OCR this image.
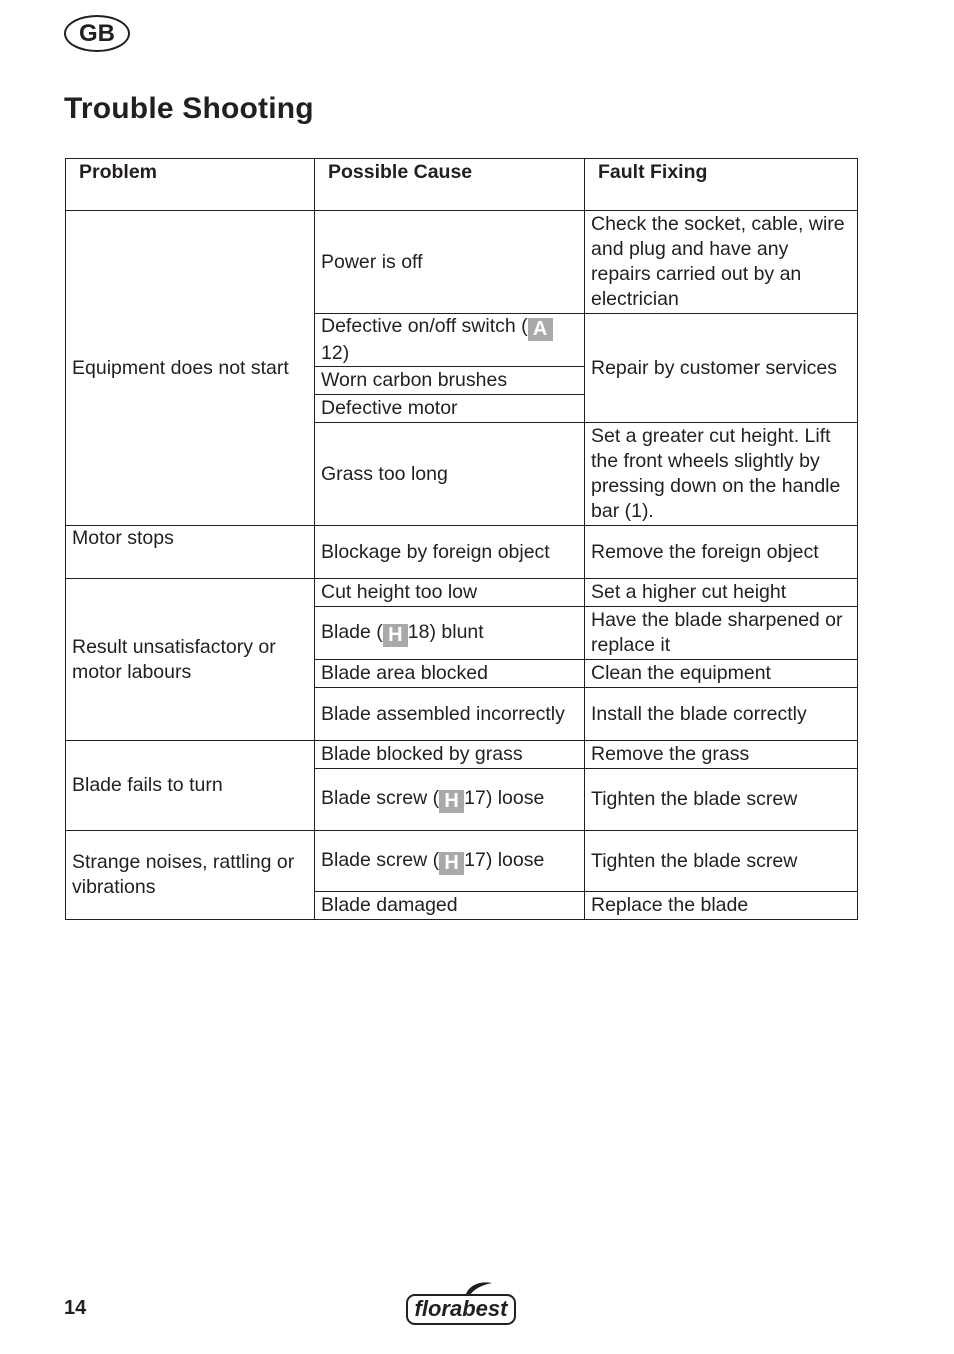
GB
Trouble Shooting
Problem	Possible Cause	Fault Fixing
Equipment does not start	Power is off	Check the socket, cable, wire and plug and have any repairs carried out by an electrician
	Defective on/off switch ( A12)	Repair by customer services
	Worn carbon brushes	
	Defective motor	
	Grass too long	Set a greater cut height. Lift the front wheels slightly by pressing down on the handle bar (1).
Motor stops	Blockage by foreign object	Remove the foreign object
Result unsatisfactory or motor labours	Cut height too low	Set a higher cut height
	Blade ( H 18) blunt	Have the blade sharpened or replace it
	Blade area blocked	Clean the equipment
	Blade assembled incorrectly	Install the blade correctly
Blade fails to turn	Blade blocked by grass	Remove the grass
	Blade screw ( H 17) loose	Tighten the blade screw
Strange noises, rattling or vibrations	Blade screw ( H 17) loose	Tighten the blade screw
	Blade damaged	Replace the blade
14	florabest
